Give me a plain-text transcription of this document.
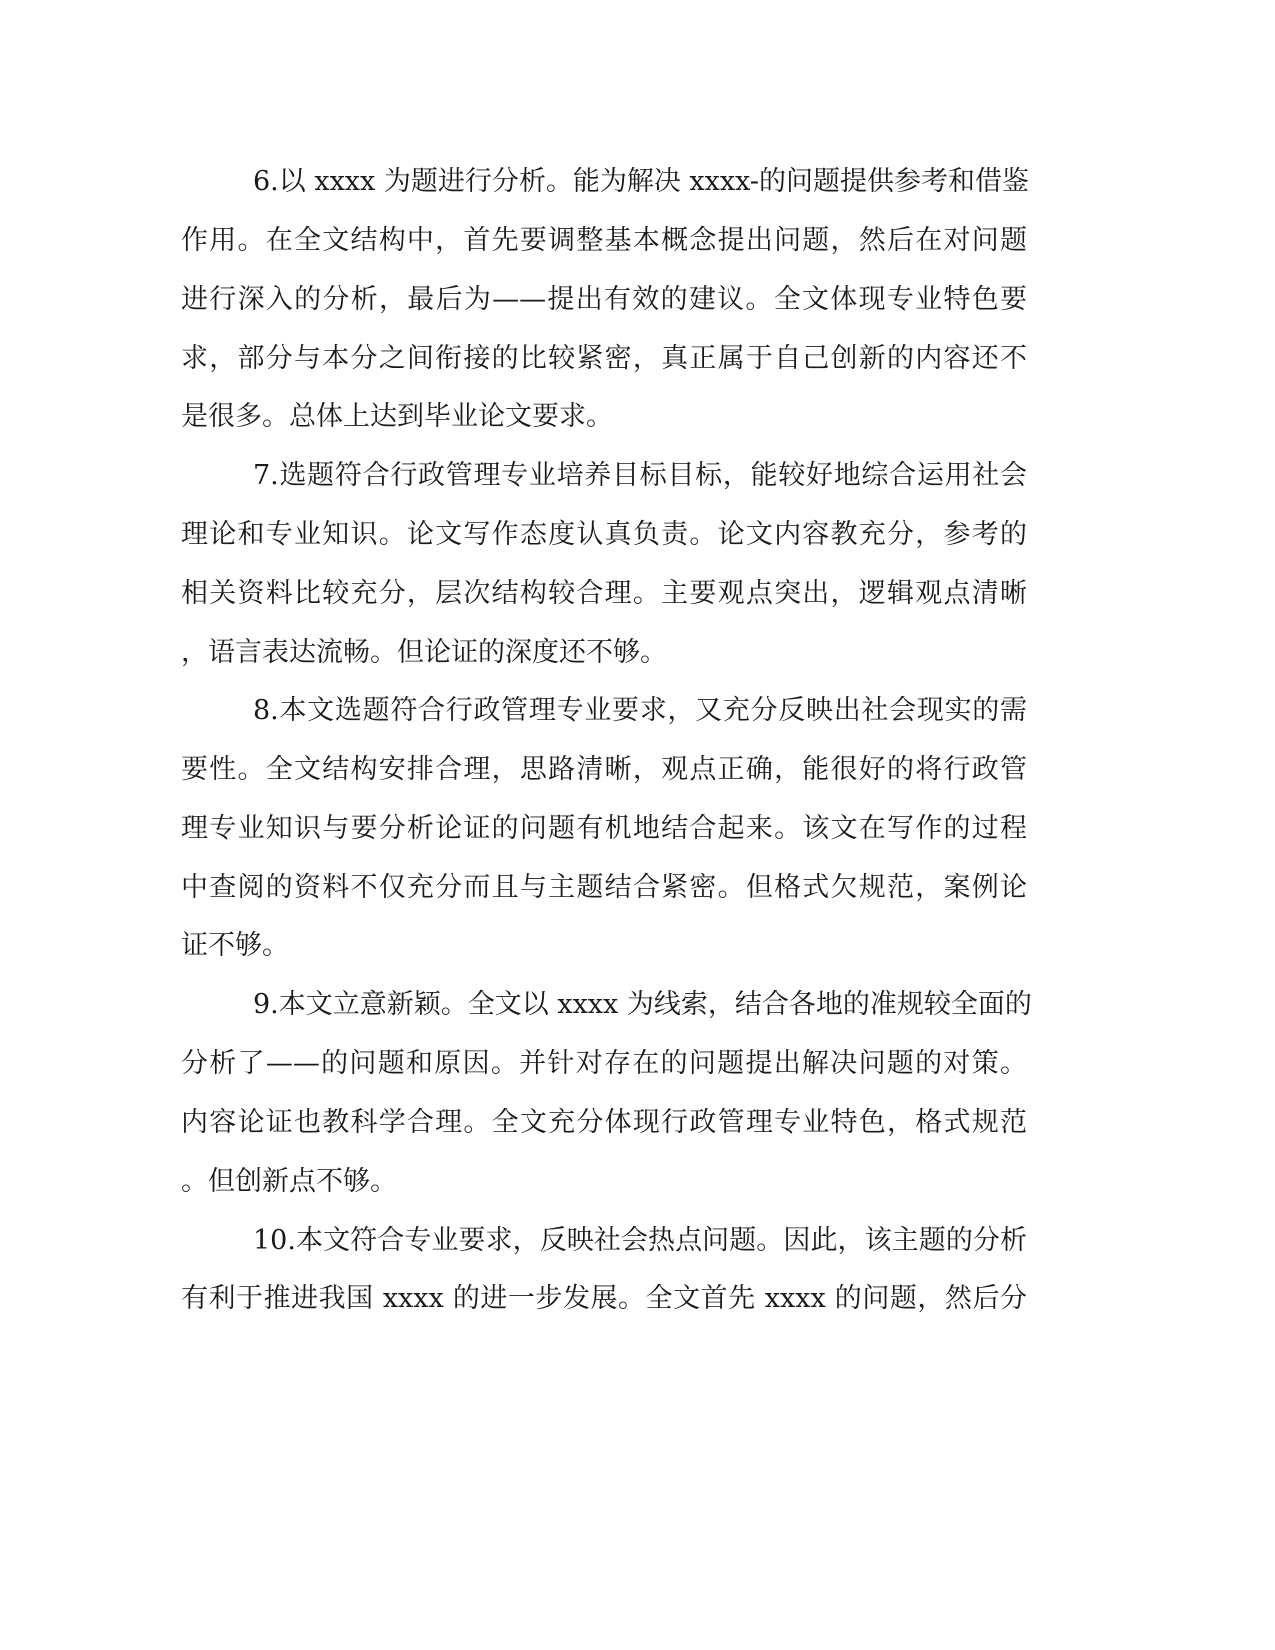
6.以 xxxx 为题进行分析。能为解决 xxxx-的问题提供参考和借鉴
作用。在全文结构中，首先要调整基本概念提出问题，然后在对问题
进行深入的分析，最后为——提出有效的建议。全文体现专业特色要
求，部分与本分之间衔接的比较紧密，真正属于自己创新的内容还不
是很多。总体上达到毕业论文要求。
7.选题符合行政管理专业培养目标目标，能较好地综合运用社会
理论和专业知识。论文写作态度认真负责。论文内容教充分，参考的
相关资料比较充分，层次结构较合理。主要观点突出，逻辑观点清晰
，语言表达流畅。但论证的深度还不够。
8.本文选题符合行政管理专业要求，又充分反映出社会现实的需
要性。全文结构安排合理，思路清晰，观点正确，能很好的将行政管
理专业知识与要分析论证的问题有机地结合起来。该文在写作的过程
中查阅的资料不仅充分而且与主题结合紧密。但格式欠规范，案例论
证不够。
9.本文立意新颖。全文以 xxxx 为线索，结合各地的准规较全面的
分析了——的问题和原因。并针对存在的问题提出解决问题的对策。
内容论证也教科学合理。全文充分体现行政管理专业特色，格式规范
。但创新点不够。
10.本文符合专业要求，反映社会热点问题。因此，该主题的分析
有利于推进我国 xxxx 的进一步发展。全文首先 xxxx 的问题，然后分
